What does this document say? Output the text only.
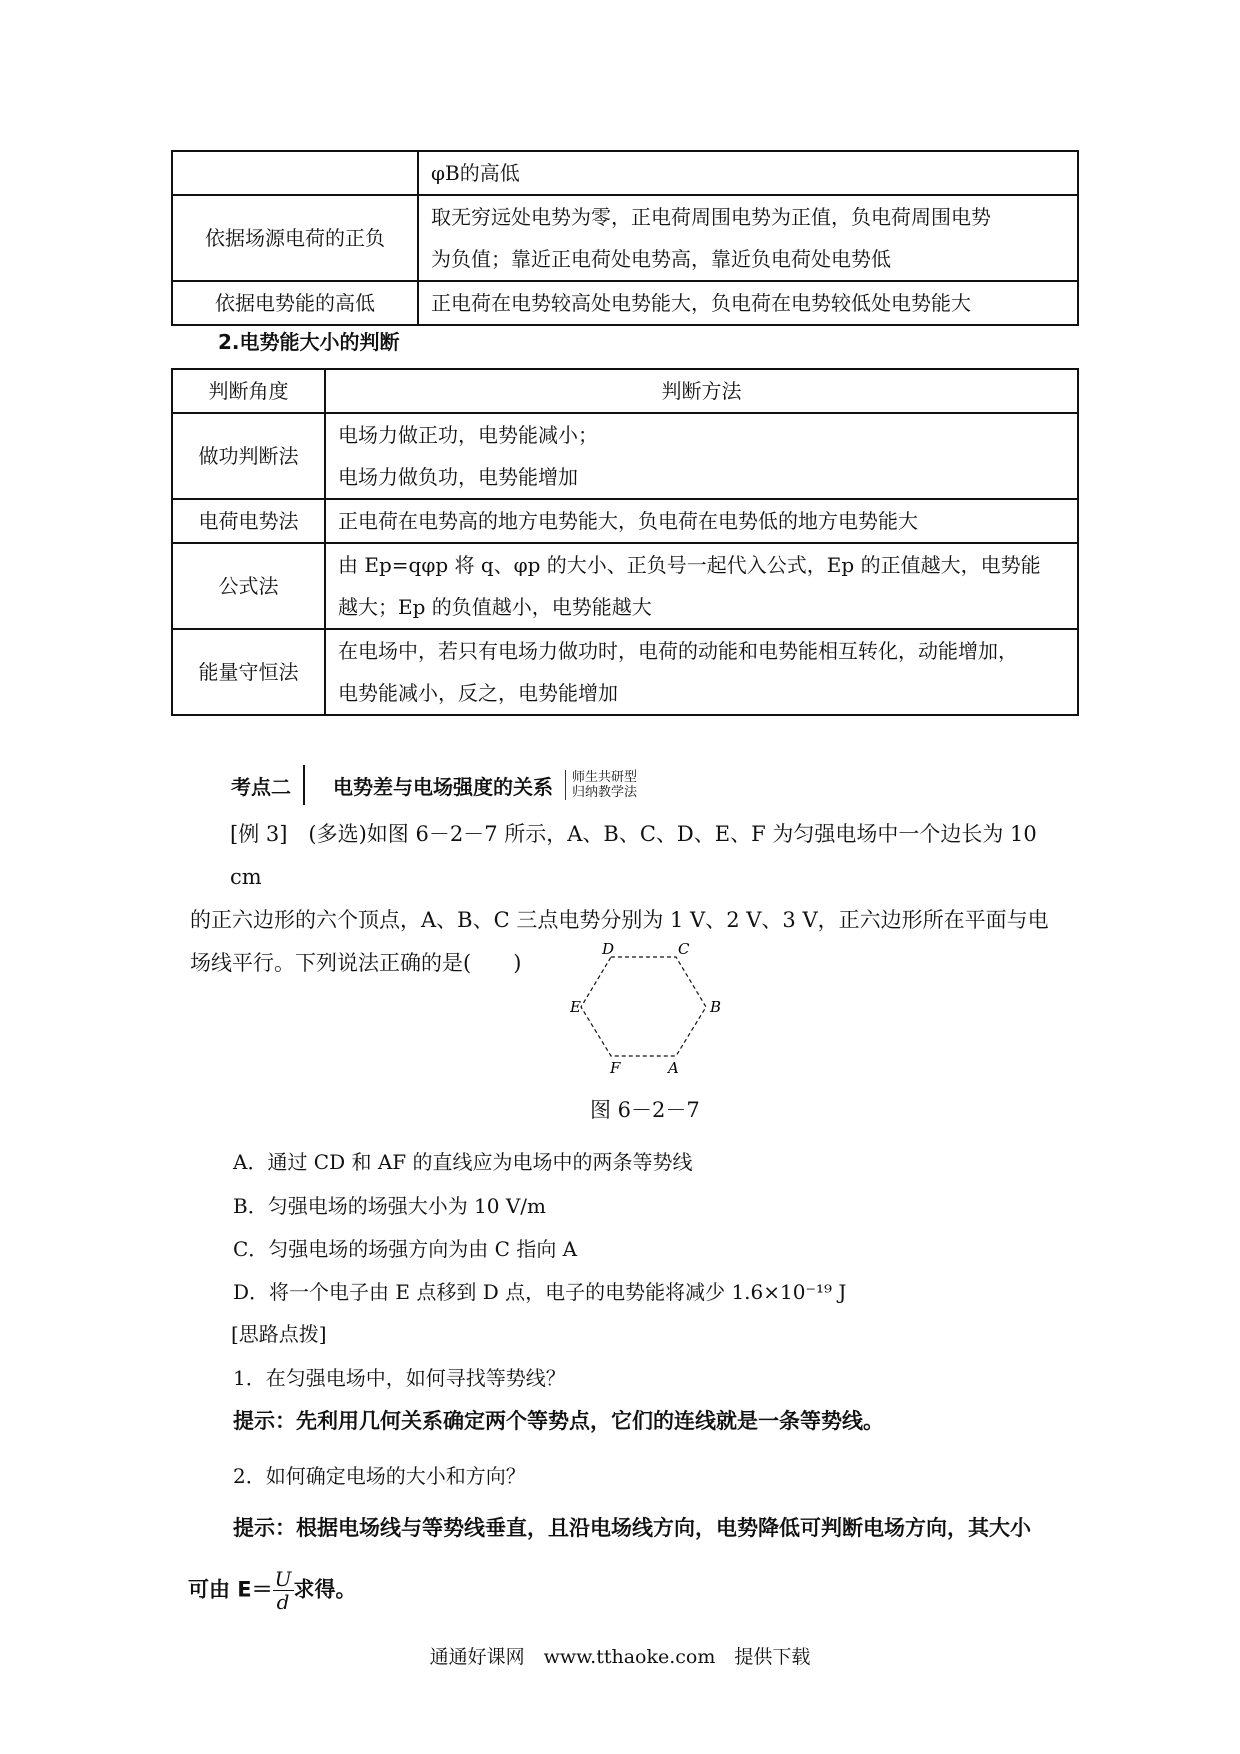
	φB的高低

依据场源电荷的正负	取无穷远处电势为零，正电荷周围电势为正值，负电荷周围电势
为负值；靠近正电荷处电势高，靠近负电荷处电势低

依据电势能的高低	正电荷在电势较高处电势能大，负电荷在电势较低处电势能大
2.电势能大小的判断
判断角度	判断方法
做功判断法	电场力做正功，电势能减小；
电场力做负功，电势能增加

电荷电势法	正电荷在电势高的地方电势能大，负电荷在电势低的地方电势能大

公式法	由 Ep=qφp 将 q、φp 的大小、正负号一起代入公式，Ep 的正值越大，电势能
越大；Ep 的负值越小，电势能越大

能量守恒法	在电场中，若只有电场力做功时，电荷的动能和电势能相互转化，动能增加，
电势能减小，反之，电势能增加
考点二 电势差与电场强度的关系 师生共研型
归纳教学法
[例 3]　(多选)如图 6－2－7 所示，A、B、C、D、E、F 为匀强电场中一个边长为 10 cm
的正六边形的六个顶点，A、B、C 三点电势分别为 1 V、2 V、3 V，正六边形所在平面与电
场线平行。下列说法正确的是(　　)
D	C
E	B
F	A
图 6－2－7
A．通过 CD 和 AF 的直线应为电场中的两条等势线
B．匀强电场的场强大小为 10 V/m
C．匀强电场的场强方向为由 C 指向 A
D．将一个电子由 E 点移到 D 点，电子的电势能将减少 1.6×10⁻¹⁹ J
[思路点拨]
1．在匀强电场中，如何寻找等势线？
提示：先利用几何关系确定两个等势点，它们的连线就是一条等势线。
2．如何确定电场的大小和方向？
提示：根据电场线与等势线垂直，且沿电场线方向，电势降低可判断电场方向，其大小
可由 $E= \frac{U}{d}$ 求得。
通通好课网　www.tthaoke.com　提供下载
